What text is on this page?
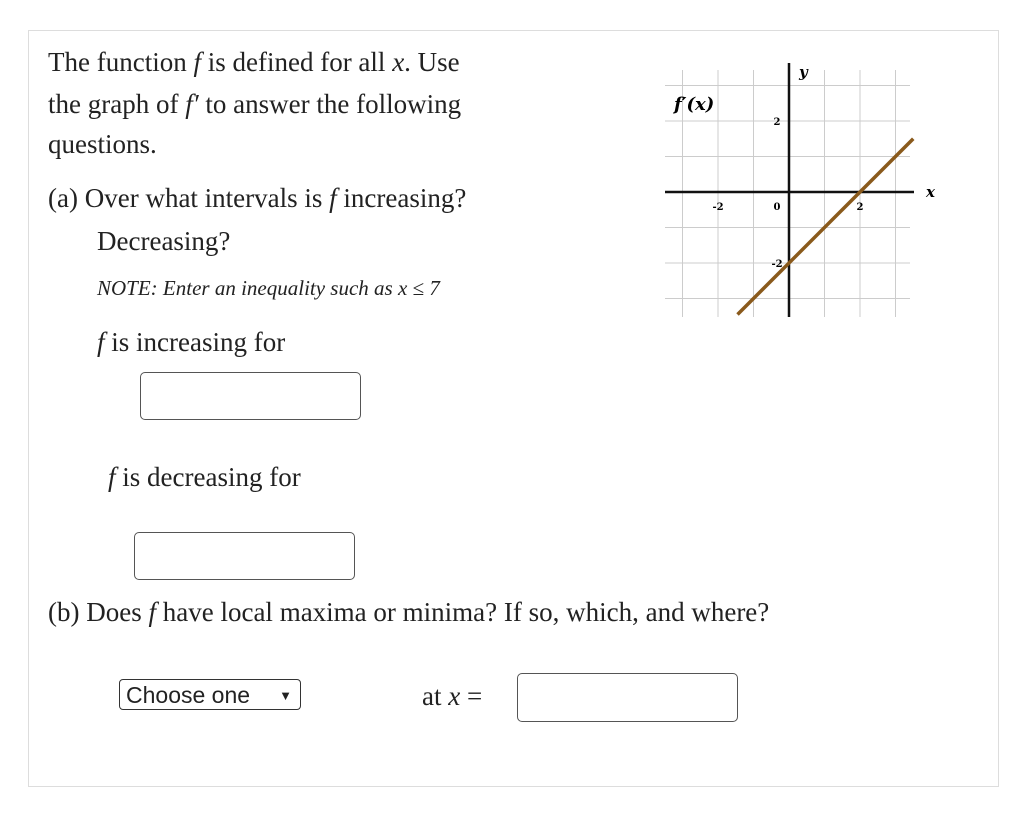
The function f is defined for all x. Use
the graph of f′ to answer the following
questions.
(a) Over what intervals is f increasing?
Decreasing?
NOTE: Enter an inequality such as x ≤ 7
f is increasing for
f is decreasing for
(b) Does f have local maxima or minima? If so, which, and where?
Choose one ▼	at x =
-2	0	2
2
-2
x
y
f′(x)
